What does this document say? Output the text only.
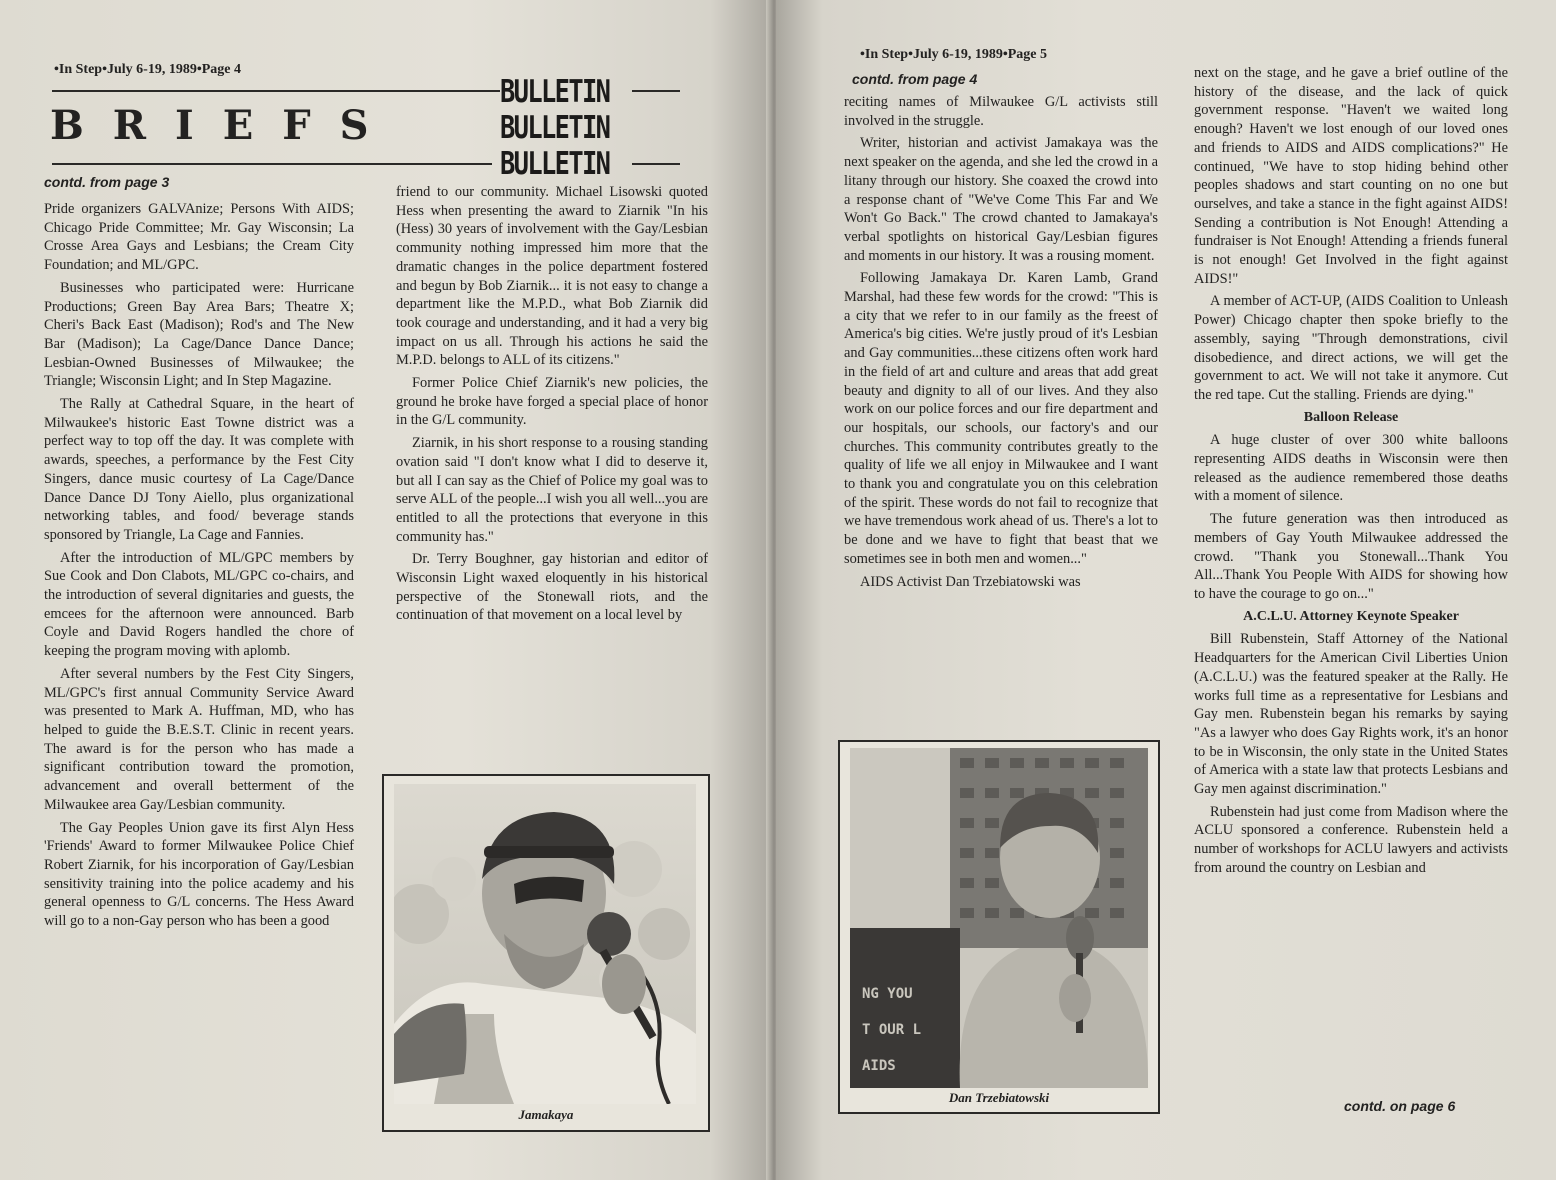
•In Step•July 6-19, 1989•Page 4
BRIEFS
BULLETIN
BULLETIN
BULLETIN
contd. from page 3

Pride organizers GALVAnize; Persons With AIDS; Chicago Pride Committee; Mr. Gay Wisconsin; La Crosse Area Gays and Lesbians; the Cream City Foundation; and ML/GPC.

Businesses who participated were: Hurricane Productions; Green Bay Area Bars; Theatre X; Cheri's Back East (Madison); Rod's and The New Bar (Madison); La Cage/Dance Dance Dance; Lesbian-Owned Businesses of Milwaukee; the Triangle; Wisconsin Light; and In Step Magazine.

The Rally at Cathedral Square, in the heart of Milwaukee's historic East Towne district was a perfect way to top off the day. It was complete with awards, speeches, a performance by the Fest City Singers, dance music courtesy of La Cage/Dance Dance Dance DJ Tony Aiello, plus organizational networking tables, and food/ beverage stands sponsored by Triangle, La Cage and Fannies.

After the introduction of ML/GPC members by Sue Cook and Don Clabots, ML/GPC co-chairs, and the introduction of several dignitaries and guests, the emcees for the afternoon were announced. Barb Coyle and David Rogers handled the chore of keeping the program moving with aplomb.

After several numbers by the Fest City Singers, ML/GPC's first annual Community Service Award was presented to Mark A. Huffman, MD, who has helped to guide the B.E.S.T. Clinic in recent years. The award is for the person who has made a significant contribution toward the promotion, advancement and overall betterment of the Milwaukee area Gay/Lesbian community.

The Gay Peoples Union gave its first Alyn Hess 'Friends' Award to former Milwaukee Police Chief Robert Ziarnik, for his incorporation of Gay/Lesbian sensitivity training into the police academy and his general openness to G/L concerns. The Hess Award will go to a non-Gay person who has been a good

friend to our community. Michael Lisowski quoted Hess when presenting the award to Ziarnik "In his (Hess) 30 years of involvement with the Gay/Lesbian community nothing impressed him more that the dramatic changes in the police department fostered and begun by Bob Ziarnik... it is not easy to change a department like the M.P.D., what Bob Ziarnik did took courage and understanding, and it had a very big impact on us all. Through his actions he said the M.P.D. belongs to ALL of its citizens."

Former Police Chief Ziarnik's new policies, the ground he broke have forged a special place of honor in the G/L community.

Ziarnik, in his short response to a rousing standing ovation said "I don't know what I did to deserve it, but all I can say as the Chief of Police my goal was to serve ALL of the people...I wish you all well...you are entitled to all the protections that everyone in this community has."

Dr. Terry Boughner, gay historian and editor of Wisconsin Light waxed eloquently in his historical perspective of the Stonewall riots, and the continuation of that movement on a local level by

Jamakaya
•In Step•July 6-19, 1989•Page 5
contd. from page 4

reciting names of Milwaukee G/L activists still involved in the struggle.

Writer, historian and activist Jamakaya was the next speaker on the agenda, and she led the crowd in a litany through our history. She coaxed the crowd into a response chant of "We've Come This Far and We Won't Go Back." The crowd chanted to Jamakaya's verbal spotlights on historical Gay/Lesbian figures and moments in our history. It was a rousing moment.

Following Jamakaya Dr. Karen Lamb, Grand Marshal, had these few words for the crowd: "This is a city that we refer to in our family as the freest of America's big cities. We're justly proud of it's Lesbian and Gay communities...these citizens often work hard in the field of art and culture and areas that add great beauty and dignity to all of our lives. And they also work on our police forces and our fire department and our hospitals, our schools, our factory's and our churches. This community contributes greatly to the quality of life we all enjoy in Milwaukee and I want to thank you and congratulate you on this celebration of the spirit. These words do not fail to recognize that we have tremendous work ahead of us. There's a lot to be done and we have to fight that beast that we sometimes see in both men and women..."

AIDS Activist Dan Trzebiatowski was

NG YOU
T OUR L
AIDS
Dan Trzebiatowski

next on the stage, and he gave a brief outline of the history of the disease, and the lack of quick government response. "Haven't we waited long enough? Haven't we lost enough of our loved ones and friends to AIDS and AIDS complications?" He continued, "We have to stop hiding behind other peoples shadows and start counting on no one but ourselves, and take a stance in the fight against AIDS! Sending a contribution is Not Enough! Attending a fundraiser is Not Enough! Attending a friends funeral is not enough! Get Involved in the fight against AIDS!"

A member of ACT-UP, (AIDS Coalition to Unleash Power) Chicago chapter then spoke briefly to the assembly, saying "Through demonstrations, civil disobedience, and direct actions, we will get the government to act. We will not take it anymore. Cut the red tape. Cut the stalling. Friends are dying."

Balloon Release

A huge cluster of over 300 white balloons representing AIDS deaths in Wisconsin were then released as the audience remembered those deaths with a moment of silence.

The future generation was then introduced as members of Gay Youth Milwaukee addressed the crowd. "Thank you Stonewall...Thank You All...Thank You People With AIDS for showing how to have the courage to go on..."

A.C.L.U. Attorney Keynote Speaker

Bill Rubenstein, Staff Attorney of the National Headquarters for the American Civil Liberties Union (A.C.L.U.) was the featured speaker at the Rally. He works full time as a representative for Lesbians and Gay men. Rubenstein began his remarks by saying "As a lawyer who does Gay Rights work, it's an honor to be in Wisconsin, the only state in the United States of America with a state law that protects Lesbians and Gay men against discrimination."

Rubenstein had just come from Madison where the ACLU sponsored a conference. Rubenstein held a number of workshops for ACLU lawyers and activists from around the country on Lesbian and

contd. on page 6
